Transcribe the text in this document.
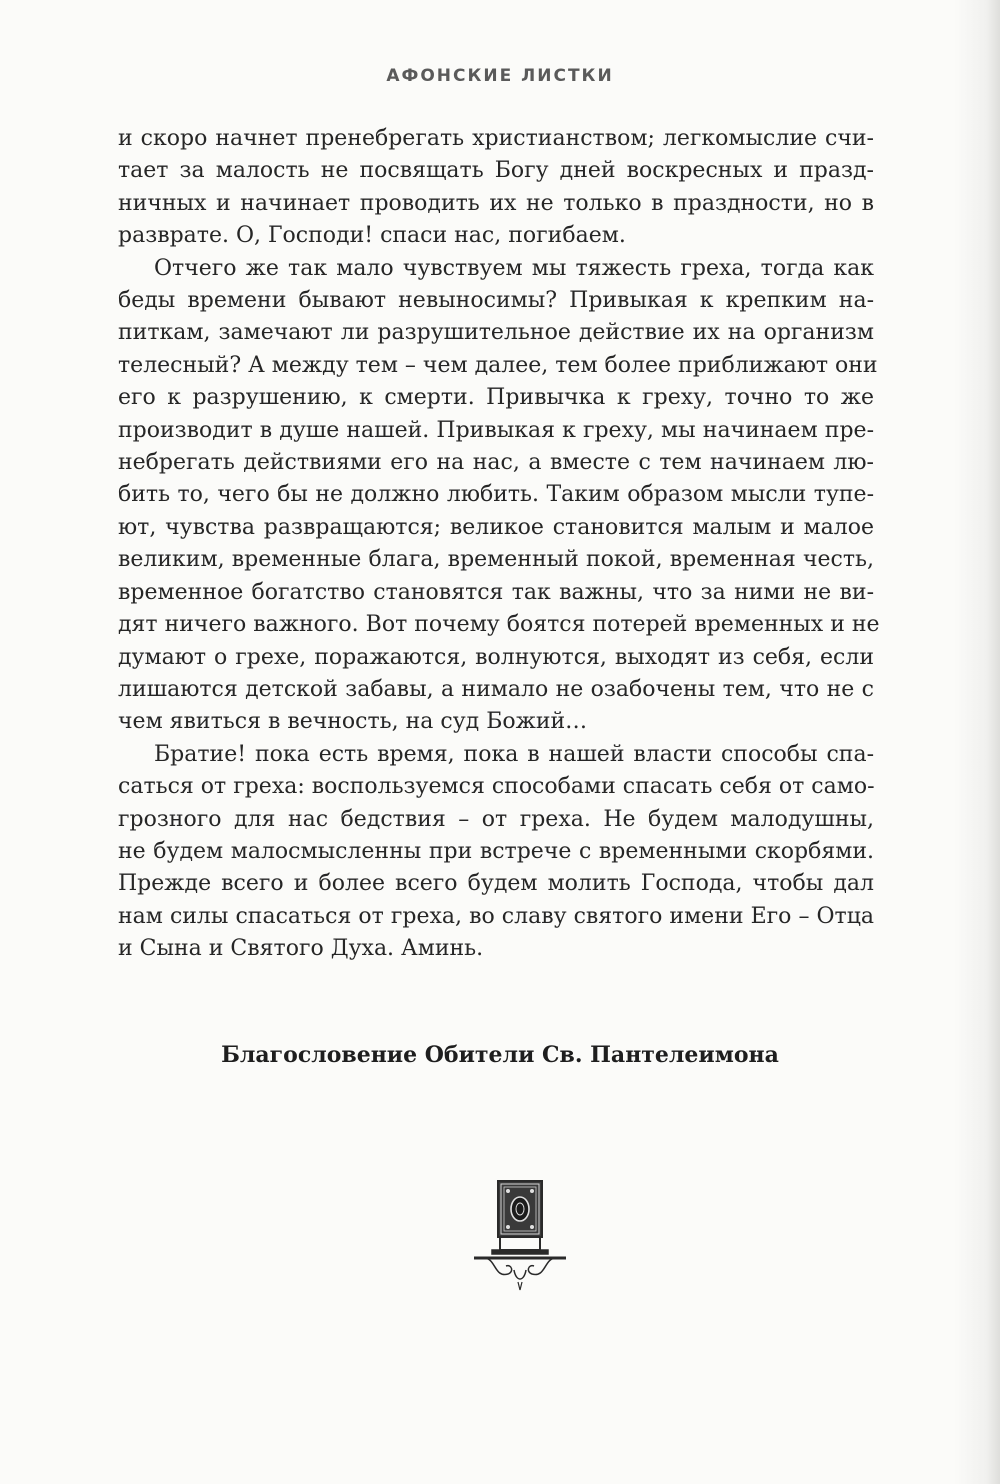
АФОНСКИЕ ЛИСТКИ
и скоро начнет пренебрегать христианством; легкомыслие счи-
тает за малость не посвящать Богу дней воскресных и празд-
ничных и начинает проводить их не только в праздности, но в
разврате. О, Господи! спаси нас, погибаем.
Отчего же так мало чувствуем мы тяжесть греха, тогда как
беды времени бывают невыносимы? Привыкая к крепким на-
питкам, замечают ли разрушительное действие их на организм
телесный? А между тем – чем далее, тем более приближают они
его к разрушению, к смерти. Привычка к греху, точно то же
производит в душе нашей. Привыкая к греху, мы начинаем пре-
небрегать действиями его на нас, а вместе с тем начинаем лю-
бить то, чего бы не должно любить. Таким образом мысли тупе-
ют, чувства развращаются; великое становится малым и малое
великим, временные блага, временный покой, временная честь,
временное богатство становятся так важны, что за ними не ви-
дят ничего важного. Вот почему боятся потерей временных и не
думают о грехе, поражаются, волнуются, выходят из себя, если
лишаются детской забавы, а нимало не озабочены тем, что не с
чем явиться в вечность, на суд Божий…
Братие! пока есть время, пока в нашей власти способы спа-
саться от греха: воспользуемся способами спасать себя от само-
грозного для нас бедствия – от греха. Не будем малодушны,
не будем малосмысленны при встрече с временными скорбями.
Прежде всего и более всего будем молить Господа, чтобы дал
нам силы спасаться от греха, во славу святого имени Его – Отца
и Сына и Святого Духа. Аминь.
Благословение Обители Св. Пантелеимона
